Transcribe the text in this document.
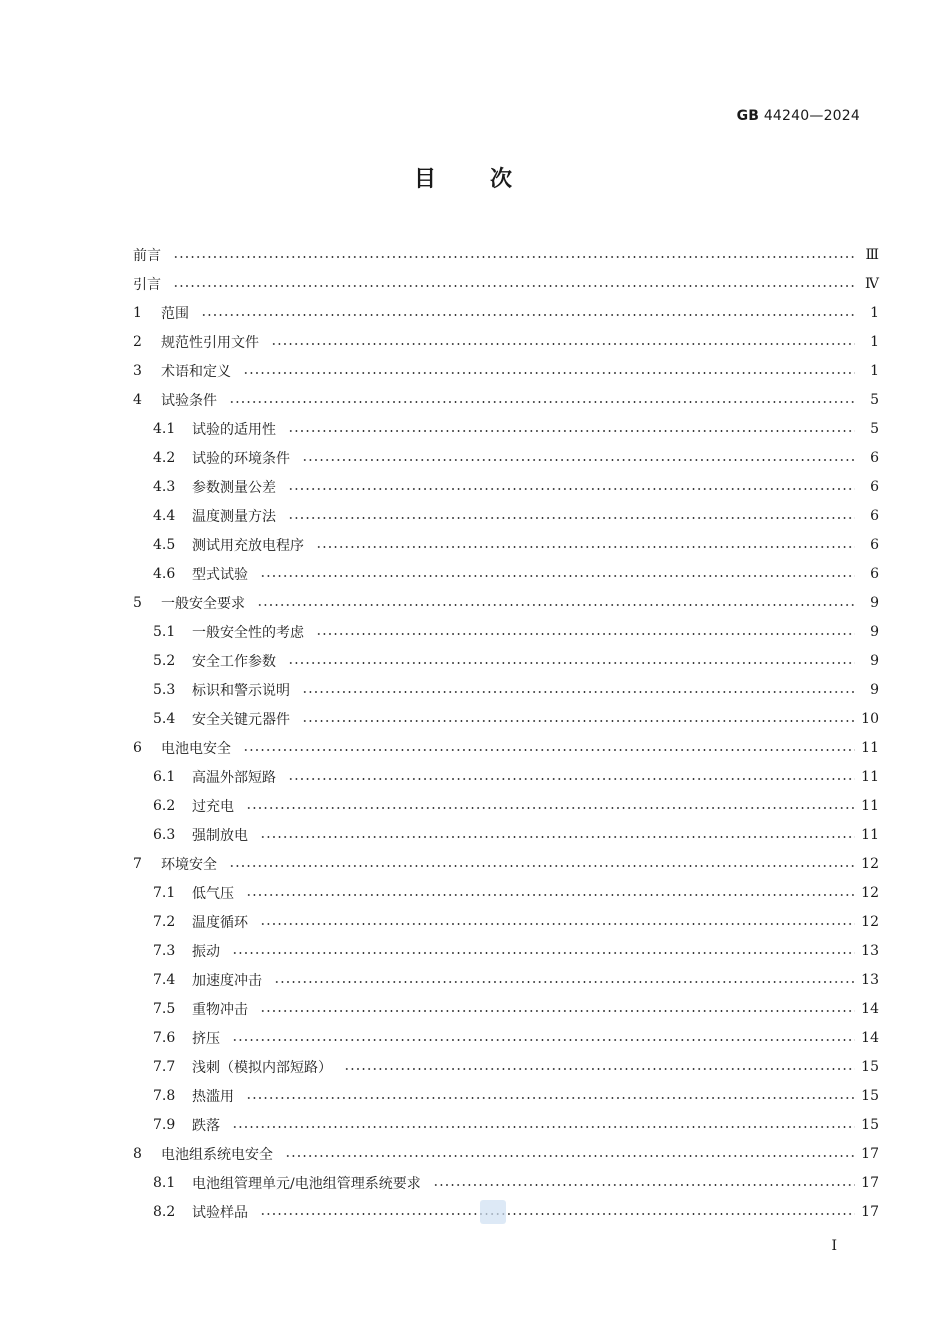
GB 44240—2024
目次
前言	Ⅲ
引言	Ⅳ
1	范围	1
2	规范性引用文件	1
3	术语和定义	1
4	试验条件	5
4.1	试验的适用性	5
4.2	试验的环境条件	6
4.3	参数测量公差	6
4.4	温度测量方法	6
4.5	测试用充放电程序	6
4.6	型式试验	6
5	一般安全要求	9
5.1	一般安全性的考虑	9
5.2	安全工作参数	9
5.3	标识和警示说明	9
5.4	安全关键元器件	10
6	电池电安全	11
6.1	高温外部短路	11
6.2	过充电	11
6.3	强制放电	11
7	环境安全	12
7.1	低气压	12
7.2	温度循环	12
7.3	振动	13
7.4	加速度冲击	13
7.5	重物冲击	14
7.6	挤压	14
7.7	浅刺（模拟内部短路）	15
7.8	热滥用	15
7.9	跌落	15
8	电池组系统电安全	17
8.1	电池组管理单元/电池组管理系统要求	17
8.2	试验样品	17
I
